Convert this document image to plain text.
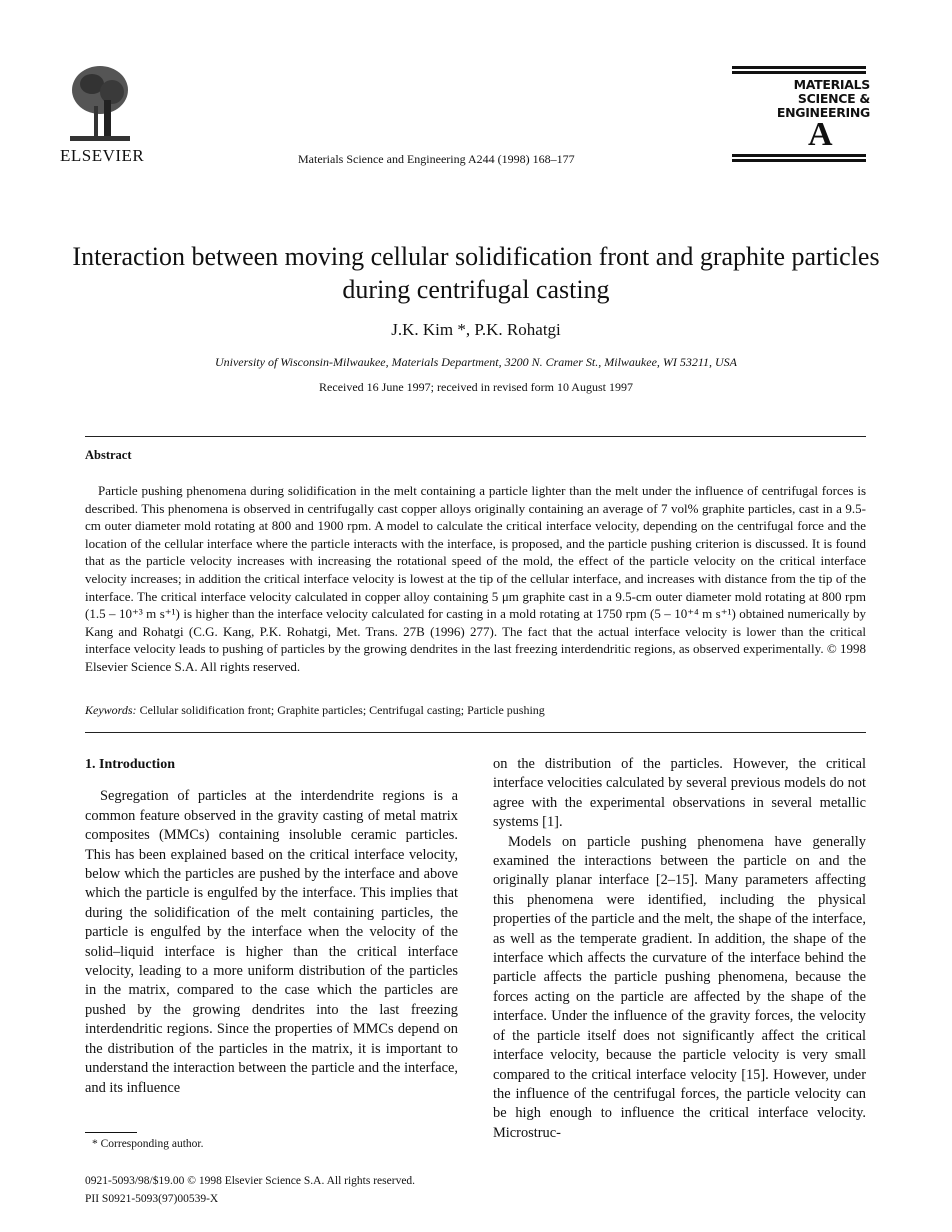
ELSEVIER	Materials Science and Engineering A244 (1998) 168–177
MATERIALS
SCIENCE &
ENGINEERING
A
Interaction between moving cellular solidification front and graphite particles during centrifugal casting
J.K. Kim *, P.K. Rohatgi
University of Wisconsin-Milwaukee, Materials Department, 3200 N. Cramer St., Milwaukee, WI 53211, USA
Received 16 June 1997; received in revised form 10 August 1997
Abstract
Particle pushing phenomena during solidification in the melt containing a particle lighter than the melt under the influence of centrifugal forces is described. This phenomena is observed in centrifugally cast copper alloys originally containing an average of 7 vol% graphite particles, cast in a 9.5-cm outer diameter mold rotating at 800 and 1900 rpm. A model to calculate the critical interface velocity, depending on the centrifugal force and the location of the cellular interface where the particle interacts with the interface, is proposed, and the particle pushing criterion is discussed. It is found that as the particle velocity increases with increasing the rotational speed of the mold, the effect of the particle velocity on the critical interface velocity increases; in addition the critical interface velocity is lowest at the tip of the cellular interface, and increases with distance from the tip of the interface. The critical interface velocity calculated in copper alloy containing 5 μm graphite cast in a 9.5-cm outer diameter mold rotating at 800 rpm (1.5 – 10⁺³ m s⁺¹) is higher than the interface velocity calculated for casting in a mold rotating at 1750 rpm (5 – 10⁺⁴ m s⁺¹) obtained numerically by Kang and Rohatgi (C.G. Kang, P.K. Rohatgi, Met. Trans. 27B (1996) 277). The fact that the actual interface velocity is lower than the critical interface velocity leads to pushing of particles by the growing dendrites in the last freezing interdendritic regions, as observed experimentally. © 1998 Elsevier Science S.A. All rights reserved.
Keywords: Cellular solidification front; Graphite particles; Centrifugal casting; Particle pushing
1. Introduction

Segregation of particles at the interdendrite regions is a common feature observed in the gravity casting of metal matrix composites (MMCs) containing insoluble ceramic particles. This has been explained based on the critical interface velocity, below which the particles are pushed by the interface and above which the particle is engulfed by the interface. This implies that during the solidification of the melt containing particles, the particle is engulfed by the interface when the velocity of the solid–liquid interface is higher than the critical interface velocity, leading to a more uniform distribution of the particles in the matrix, compared to the case which the particles are pushed by the growing dendrites into the last freezing interdendritic regions. Since the properties of MMCs depend on the distribution of the particles in the matrix, it is important to understand the interaction between the particle and the interface, and its influence

on the distribution of the particles. However, the critical interface velocities calculated by several previous models do not agree with the experimental observations in several metallic systems [1].

Models on particle pushing phenomena have generally examined the interactions between the particle on and the originally planar interface [2–15]. Many parameters affecting this phenomena were identified, including the physical properties of the particle and the melt, the shape of the interface, as well as the temperate gradient. In addition, the shape of the interface which affects the curvature of the interface behind the particle affects the particle pushing phenomena, because the forces acting on the particle are affected by the shape of the interface. Under the influence of the gravity forces, the velocity of the particle itself does not significantly affect the critical interface velocity, because the particle velocity is very small compared to the critical interface velocity [15]. However, under the influence of the centrifugal forces, the particle velocity can be high enough to influence the critical interface velocity. Microstruc-

* Corresponding author.
0921-5093/98/$19.00 © 1998 Elsevier Science S.A. All rights reserved.
PII S0921-5093(97)00539-X
